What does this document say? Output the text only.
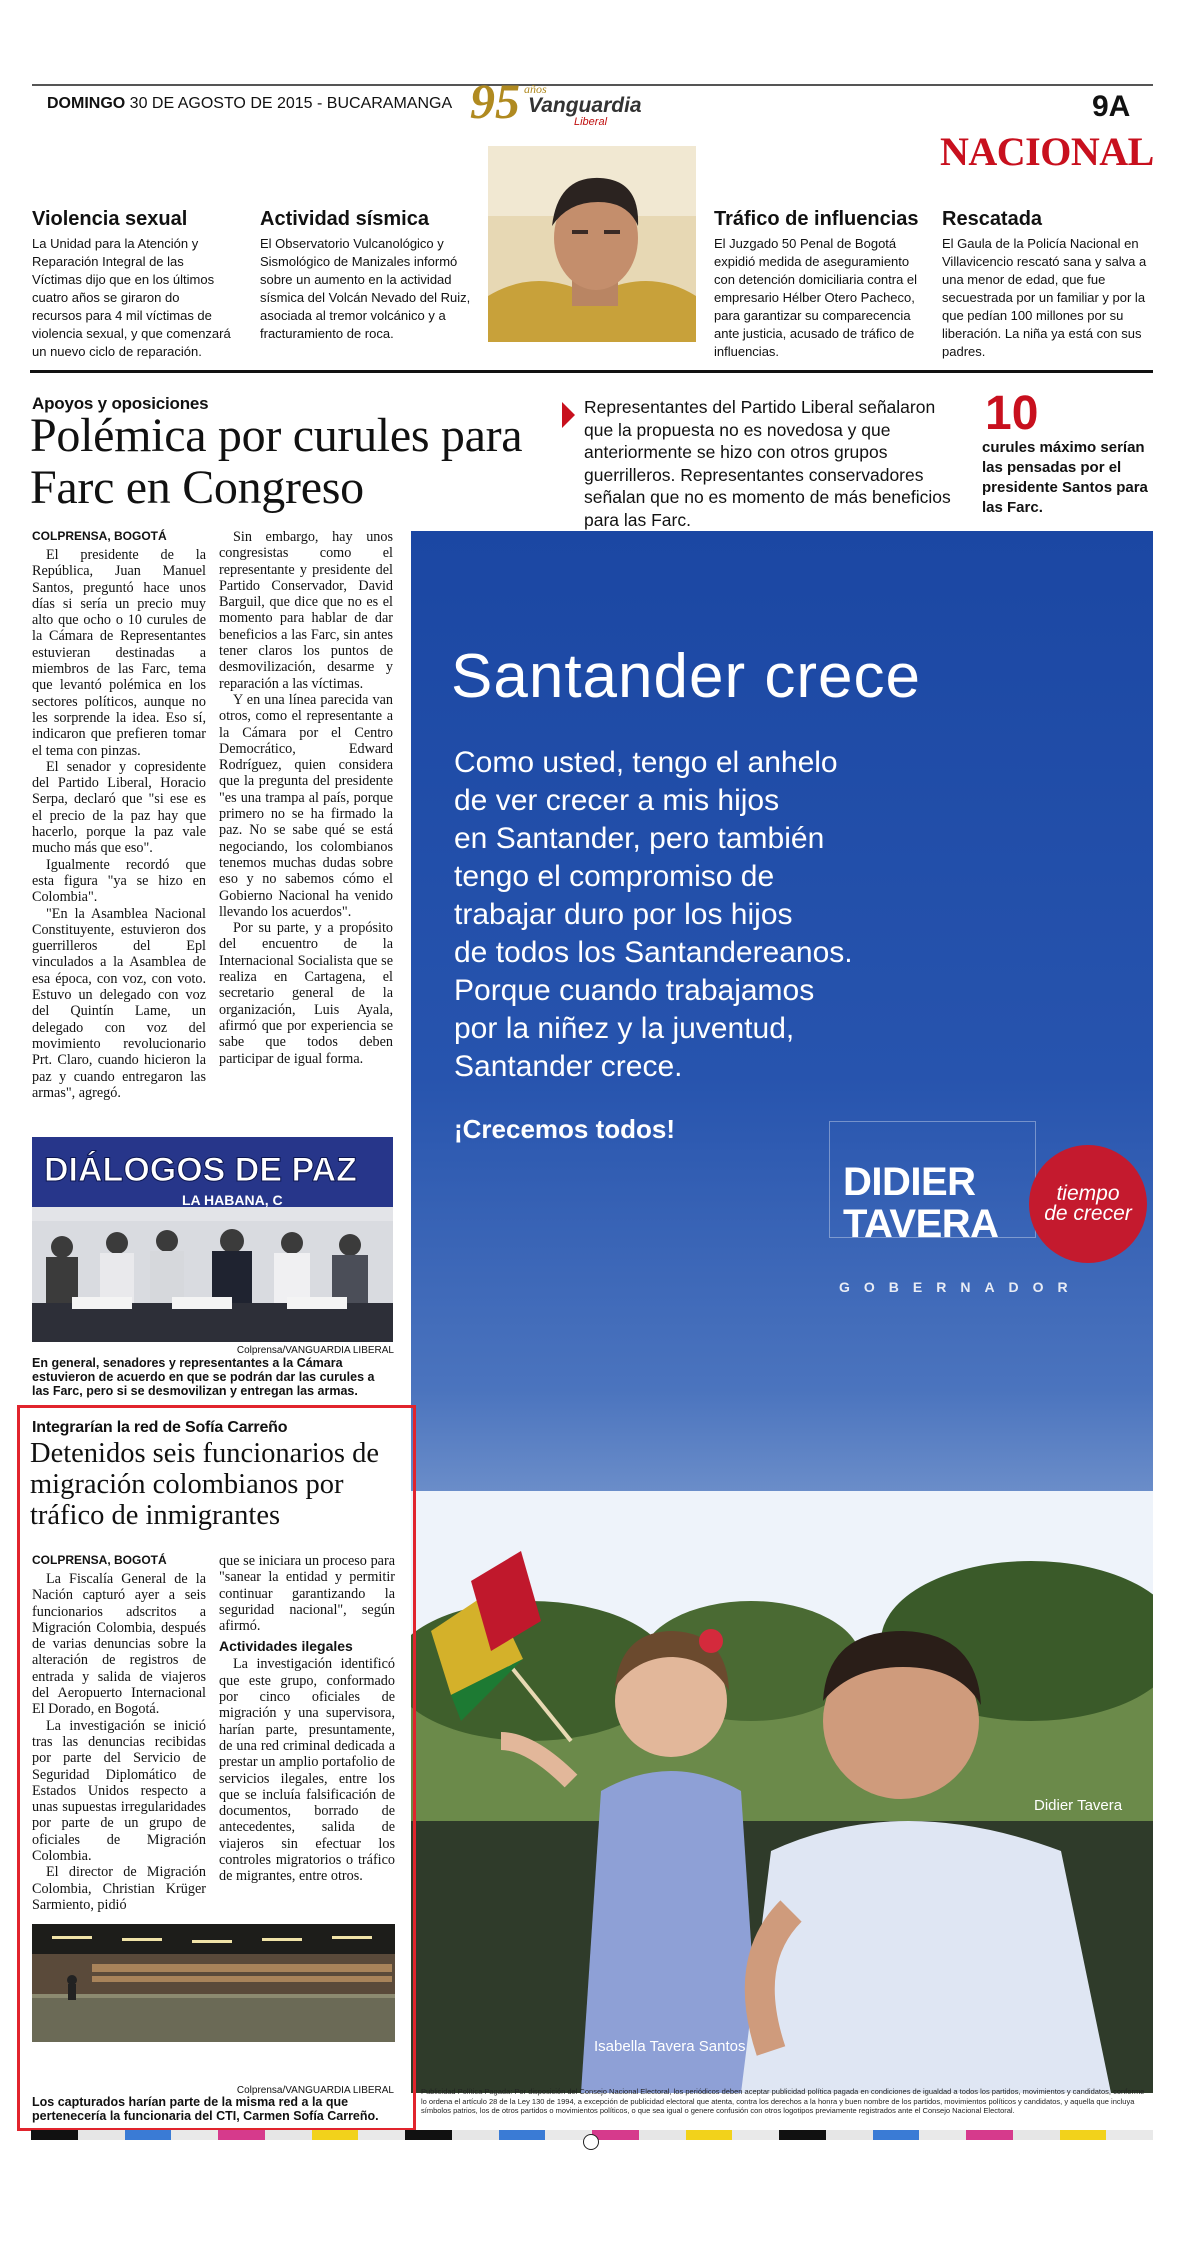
DOMINGO 30 DE AGOSTO DE 2015 - BUCARAMANGA 95 años
Vanguardia
Liberal	9A
NACIONAL
Violencia sexual
La Unidad para la Atención y Reparación Integral de las Víctimas dijo que en los últimos cuatro años se giraron do recursos para 4 mil víctimas de violencia sexual, y que comenzará un nuevo ciclo de reparación.
Actividad sísmica
El Observatorio Vulcanológico y Sismológico de Manizales informó sobre un aumento en la actividad sísmica del Volcán Nevado del Ruiz, asociada al tremor volcánico y a fracturamiento de roca.
Tráfico de influencias
El Juzgado 50 Penal de Bogotá expidió medida de aseguramiento con detención domiciliaria contra el empresario Hélber Otero Pacheco, para garantizar su comparecencia ante justicia, acusado de tráfico de influencias.
Rescatada
El Gaula de la Policía Nacional en Villavicencio rescató sana y salva a una menor de edad, que fue secuestrada por un familiar y por la que pedían 100 millones por su liberación. La niña ya está con sus padres.
Apoyos y oposiciones
Polémica por curules para Farc en Congreso
Representantes del Partido Liberal señalaron que la propuesta no es novedosa y que anteriormente se hizo con otros grupos guerrilleros. Representantes conservadores señalan que no es momento de más beneficios para las Farc.
10
curules máximo serían las pensadas por el presidente Santos para las Farc.
COLPRENSA, BOGOTÁ

El presidente de la República, Juan Manuel Santos, preguntó hace unos días si sería un precio muy alto que ocho o 10 curules de la Cámara de Representantes estuvieran destinadas a miembros de las Farc, tema que levantó polémica en los sectores políticos, aunque no les sorprende la idea. Eso sí, indicaron que prefieren tomar el tema con pinzas.

El senador y copresidente del Partido Liberal, Horacio Serpa, declaró que "si ese es el precio de la paz hay que hacerlo, porque la paz vale mucho más que eso".

Igualmente recordó que esta figura "ya se hizo en Colombia".

"En la Asamblea Nacional Constituyente, estuvieron dos guerrilleros del Epl vinculados a la Asamblea de esa época, con voz, con voto. Estuvo un delegado con voz del Quintín Lame, un delegado con voz del movimiento revolucionario Prt. Claro, cuando hicieron la paz y cuando entregaron las armas", agregó.

Sin embargo, hay unos congresistas como el representante y presidente del Partido Conservador, David Barguil, que dice que no es el momento para hablar de dar beneficios a las Farc, sin antes tener claros los puntos de desmovilización, desarme y reparación a las víctimas.

Y en una línea parecida van otros, como el representante a la Cámara por el Centro Democrático, Edward Rodríguez, quien considera que la pregunta del presidente "es una trampa al país, porque primero no se ha firmado la paz. No se sabe qué se está negociando, los colombianos tenemos muchas dudas sobre eso y no sabemos cómo el Gobierno Nacional ha venido llevando los acuerdos".

Por su parte, y a propósito del encuentro de la Internacional Socialista que se realiza en Cartagena, el secretario general de la organización, Luis Ayala, afirmó que por experiencia se sabe que todos deben participar de igual forma.

DIÁLOGOS DE PAZ
LA HABANA, C
Colprensa/VANGUARDIA LIBERAL
En general, senadores y representantes a la Cámara estuvieron de acuerdo en que se podrán dar las curules a las Farc, pero si se desmovilizan y entregan las armas.
Santander crece
Como usted, tengo el anhelo
de ver crecer a mis hijos
en Santander, pero también
tengo el compromiso de
trabajar duro por los hijos
de todos los Santandereanos.
Porque cuando trabajamos
por la niñez y la juventud,
Santander crece.
¡Crecemos todos!
DIDIER
TAVERA
tiempo
de crecer
GOBERNADOR
Didier Tavera
Isabella Tavera Santos
Publicidad Política Pagada: Por disposición del Consejo Nacional Electoral, los periódicos deben aceptar publicidad política pagada en condiciones de igualdad a todos los partidos, movimientos y candidatos, conforme lo ordena el artículo 28 de la Ley 130 de 1994, a excepción de publicidad electoral que atenta, contra los derechos a la honra y buen nombre de los partidos, movimientos políticos y candidatos, y aquella que incluya símbolos patrios, los de otros partidos o movimientos políticos, o que sea igual o genere confusión con otros logotipos previamente registrados ante el Consejo Nacional Electoral.
Integrarían la red de Sofía Carreño
Detenidos seis funcionarios de migración colombianos por tráfico de inmigrantes
COLPRENSA, BOGOTÁ

La Fiscalía General de la Nación capturó ayer a seis funcionarios adscritos a Migración Colombia, después de varias denuncias sobre la alteración de registros de entrada y salida de viajeros del Aeropuerto Internacional El Dorado, en Bogotá.

La investigación se inició tras las denuncias recibidas por parte del Servicio de Seguridad Diplomático de Estados Unidos respecto a unas supuestas irregularidades por parte de un grupo de oficiales de Migración Colombia.

El director de Migración Colombia, Christian Krüger Sarmiento, pidió

que se iniciara un proceso para "sanear la entidad y permitir continuar garantizando la seguridad nacional", según afirmó.

Actividades ilegales

La investigación identificó que este grupo, conformado por cinco oficiales de migración y una supervisora, harían parte, presuntamente, de una red criminal dedicada a prestar un amplio portafolio de servicios ilegales, entre los que se incluía falsificación de documentos, borrado de antecedentes, salida de viajeros sin efectuar los controles migratorios o tráfico de migrantes, entre otros.

Colprensa/VANGUARDIA LIBERAL
Los capturados harían parte de la misma red a la que pertenecería la funcionaria del CTI, Carmen Sofía Carreño.
